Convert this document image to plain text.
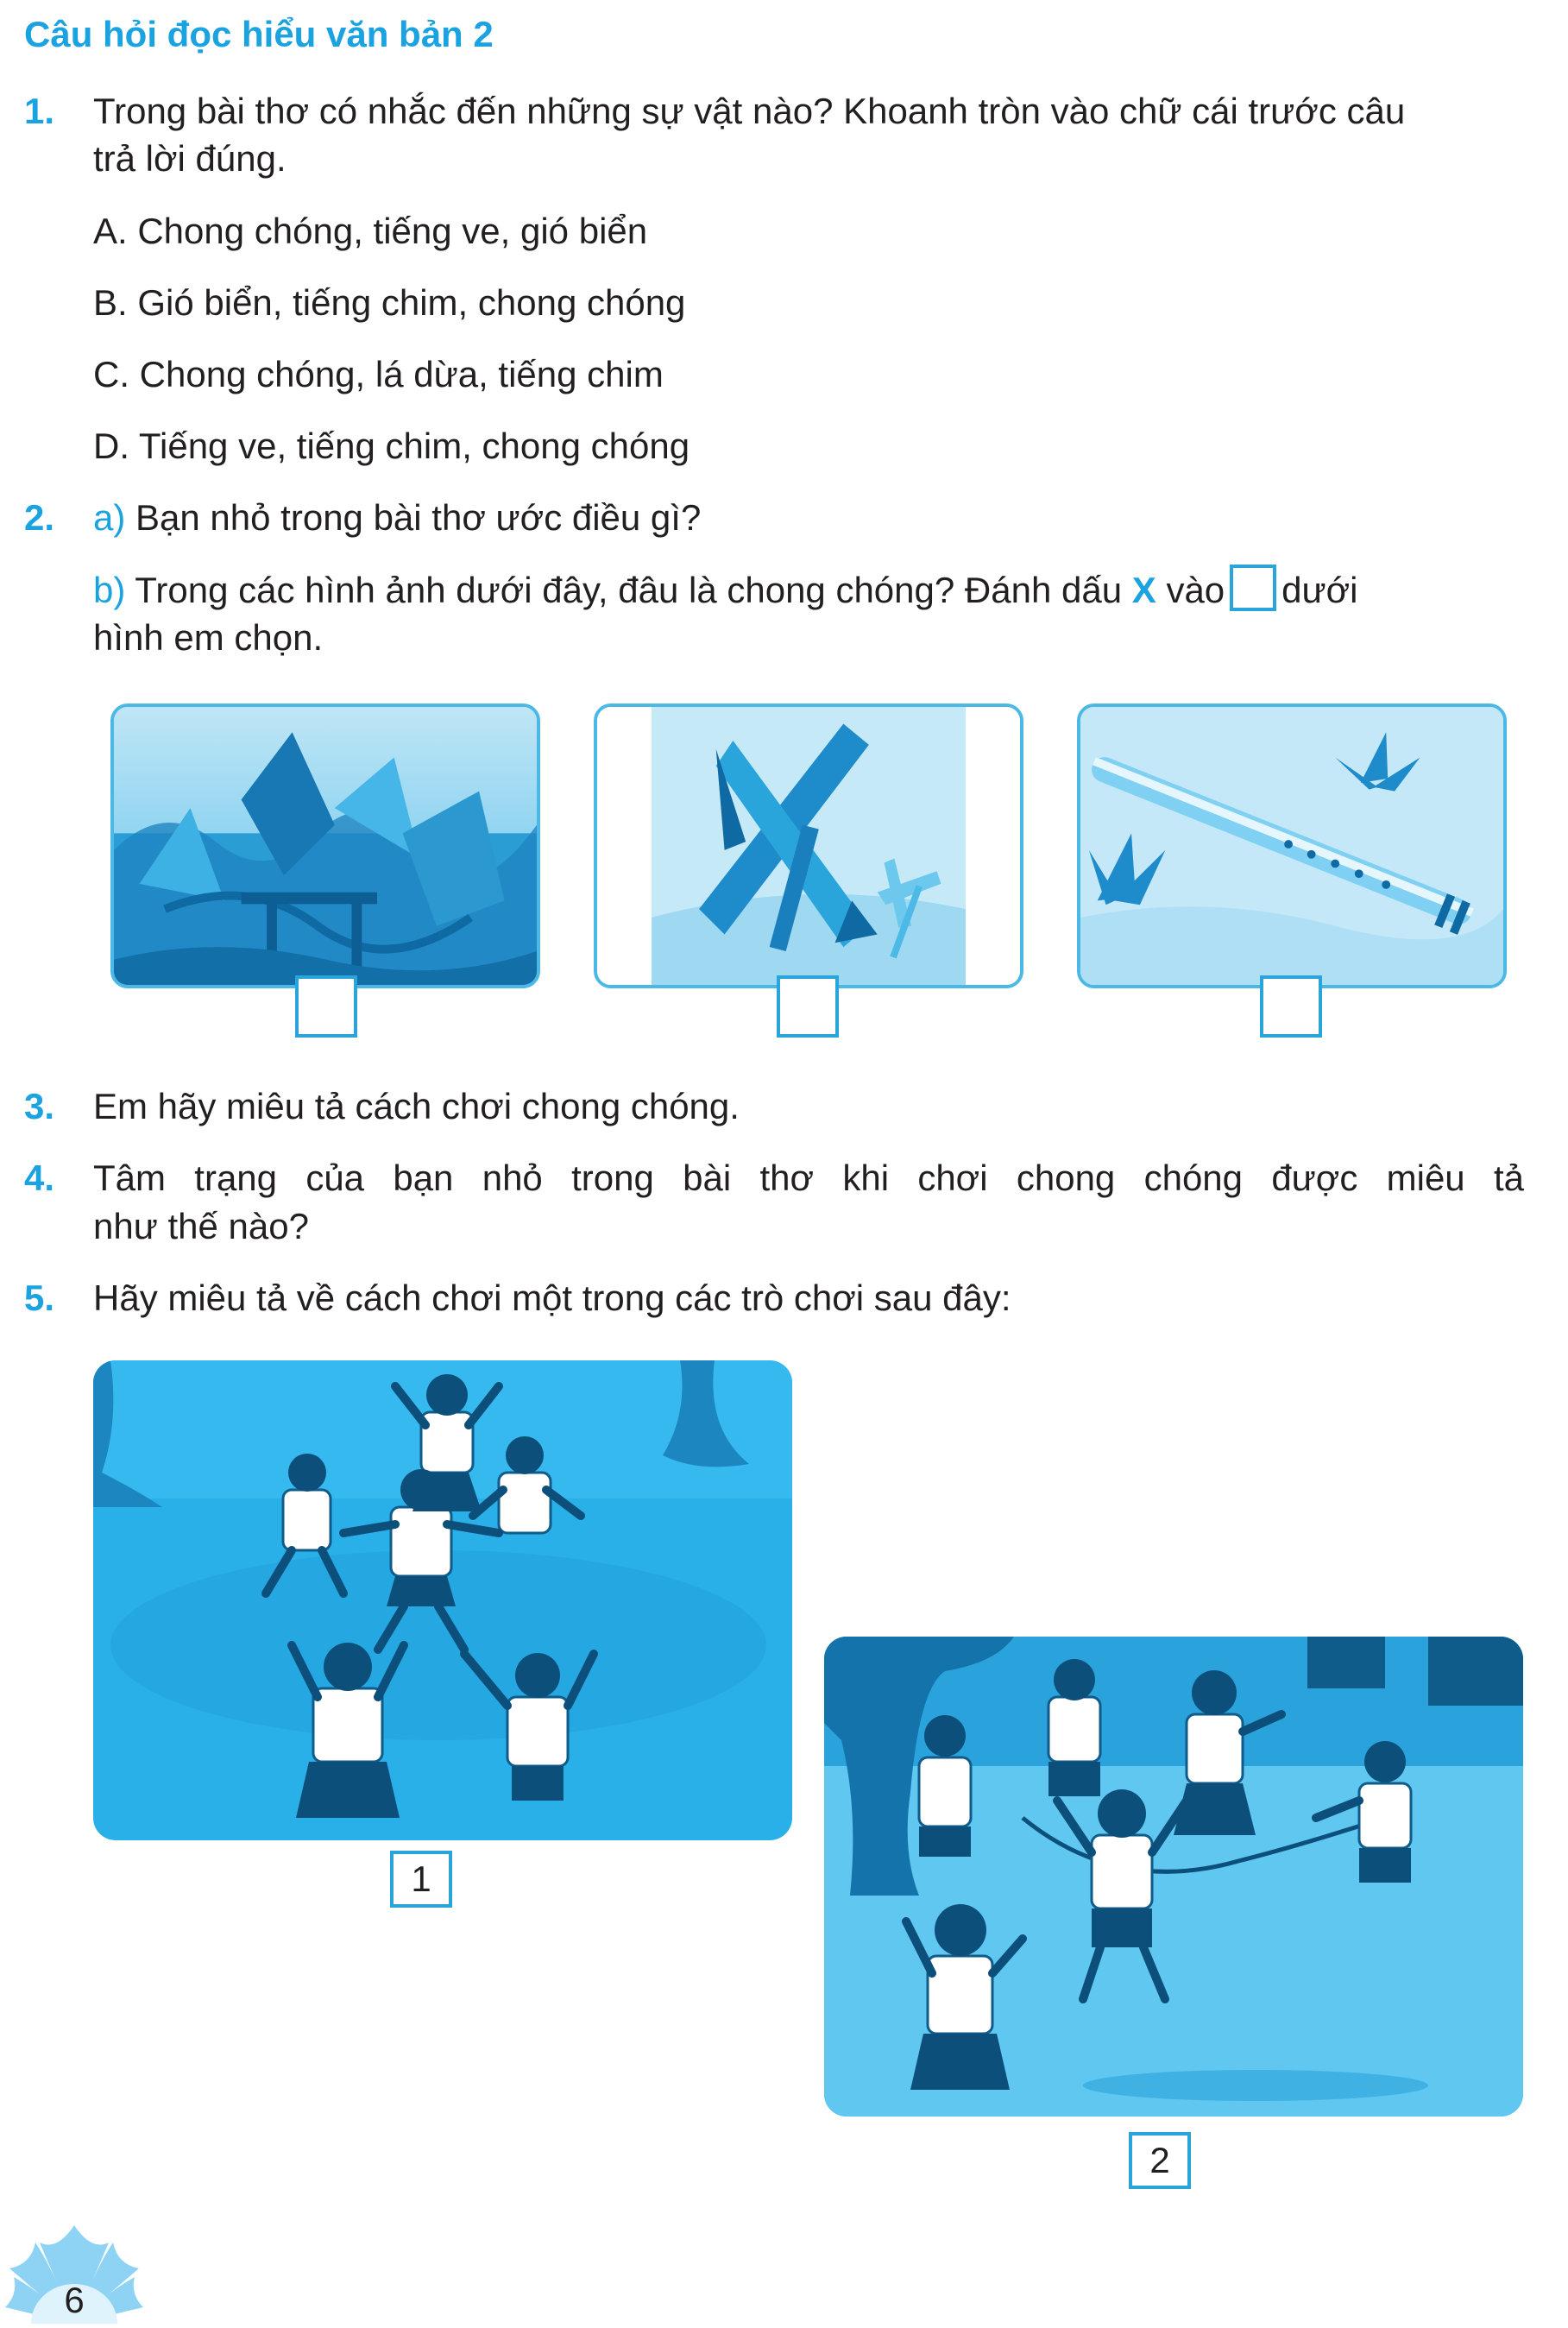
Câu hỏi đọc hiểu văn bản 2
1. Trong bài thơ có nhắc đến những sự vật nào? Khoanh tròn vào chữ cái trước câu
trả lời đúng.
A. Chong chóng, tiếng ve, gió biển
B. Gió biển, tiếng chim, chong chóng
C. Chong chóng, lá dừa, tiếng chim
D. Tiếng ve, tiếng chim, chong chóng
2. a) Bạn nhỏ trong bài thơ ước điều gì?
b) Trong các hình ảnh dưới đây, đâu là chong chóng? Đánh dấu X vào dưới
hình em chọn.
3. Em hãy miêu tả cách chơi chong chóng.
4. Tâm trạng của bạn nhỏ trong bài thơ khi chơi chong chóng được miêu tả
như thế nào?
5. Hãy miêu tả về cách chơi một trong các trò chơi sau đây:
1
2
6
